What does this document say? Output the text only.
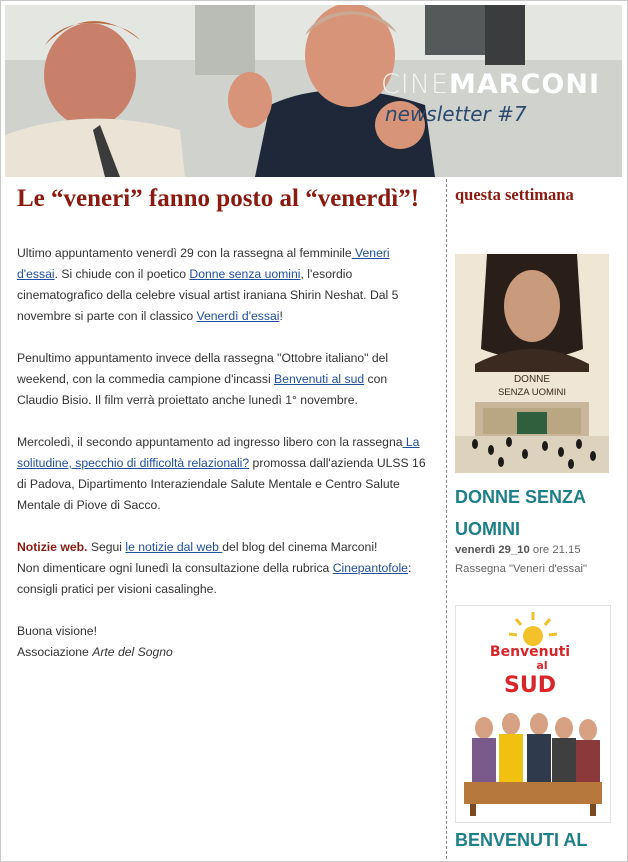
CINEMARCONI
newsletter #7
Le “veneri” fanno posto al “venerdì”!

Ultimo appuntamento venerdì 29 con la rassegna al femminile Veneri d'essai. Si chiude con il poetico Donne senza uomini, l'esordio cinematografico della celebre visual artist iraniana Shirin Neshat. Dal 5 novembre si parte con il classico Venerdì d'essai!

Penultimo appuntamento invece della rassegna "Ottobre italiano" del weekend, con la commedia campione d'incassi Benvenuti al sud con Claudio Bisio. Il film verrà proiettato anche lunedì 1° novembre.

Mercoledì, il secondo appuntamento ad ingresso libero con la rassegna La solitudine, specchio di difficoltà relazionali? promossa dall'azienda ULSS 16 di Padova, Dipartimento Interaziendale Salute Mentale e Centro Salute Mentale di Piove di Sacco.

Notizie web. Segui le notizie dal web del blog del cinema Marconi!
Non dimenticare ogni lunedì la consultazione della rubrica Cinepantofole: consigli pratici per visioni casalinghe.

Buona visione!
Associazione Arte del Sogno

questa settimana
DONNE
SENZA UOMINI
DONNE SENZA UOMINI
venerdì 29_10 ore 21.15
Rassegna "Veneri d'essai"
Benvenuti
al
SUD
BENVENUTI AL
